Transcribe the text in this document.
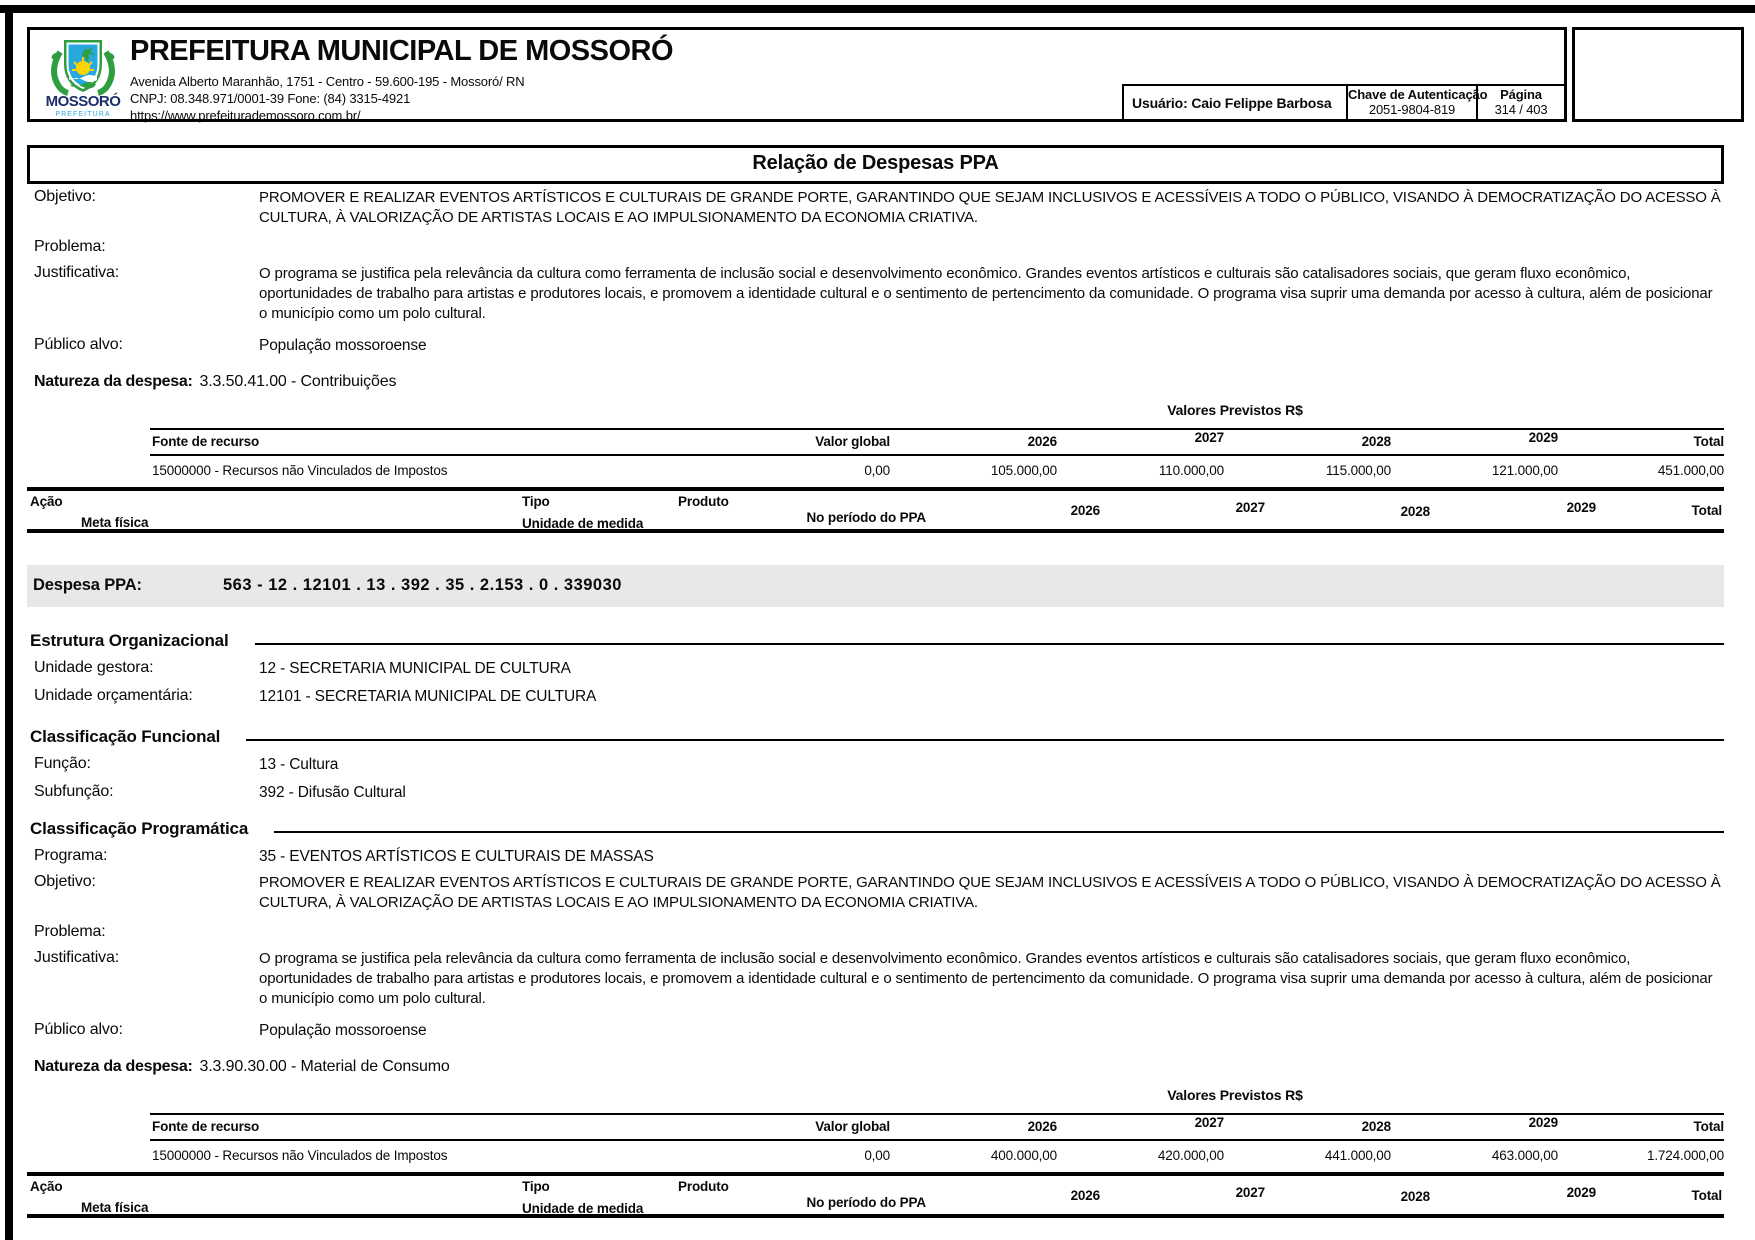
MOSSORÓ
PREFEITURA
PREFEITURA MUNICIPAL DE MOSSORÓ
Avenida Alberto Maranhão, 1751 - Centro - 59.600-195 - Mossoró/ RN
CNPJ: 08.348.971/0001-39 Fone: (84) 3315-4921
https://www.prefeiturademossoro.com.br/
Usuário: Caio Felippe Barbosa	Chave de Autenticação
2051-9804-819
Página
314 / 403
Relação de Despesas PPA
Objetivo:	PROMOVER E REALIZAR EVENTOS ARTÍSTICOS E CULTURAIS DE GRANDE PORTE, GARANTINDO QUE SEJAM INCLUSIVOS E ACESSÍVEIS A TODO O PÚBLICO, VISANDO À DEMOCRATIZAÇÃO DO ACESSO À CULTURA, À VALORIZAÇÃO DE ARTISTAS LOCAIS E AO IMPULSIONAMENTO DA ECONOMIA CRIATIVA.
Problema:
Justificativa:	O programa se justifica pela relevância da cultura como ferramenta de inclusão social e desenvolvimento econômico. Grandes eventos artísticos e culturais são catalisadores sociais, que geram fluxo econômico, oportunidades de trabalho para artistas e produtores locais, e promovem a identidade cultural e o sentimento de pertencimento da comunidade. O programa visa suprir uma demanda por acesso à cultura, além de posicionar o município como um polo cultural.
Público alvo:	População mossoroense
Natureza da despesa: 3.3.50.41.00 - Contribuições
Valores Previstos R$
Fonte de recurso	Valor global	2026	2027	2028	2029	Total
15000000 - Recursos não Vinculados de Impostos	0,00	105.000,00	110.000,00	115.000,00	121.000,00	451.000,00
Ação	Tipo	Produto
Meta física	Unidade de medida	No período do PPA	2026	2027	2028	2029	Total
Despesa PPA:	563 - 12 . 12101 . 13 . 392 . 35 . 2.153 . 0 . 339030
Estrutura Organizacional
Unidade gestora:	12 - SECRETARIA MUNICIPAL DE CULTURA
Unidade orçamentária:	12101 - SECRETARIA MUNICIPAL DE CULTURA
Classificação Funcional
Função:	13 - Cultura
Subfunção:	392 - Difusão Cultural
Classificação Programática
Programa:	35 - EVENTOS ARTÍSTICOS E CULTURAIS DE MASSAS
Objetivo:	PROMOVER E REALIZAR EVENTOS ARTÍSTICOS E CULTURAIS DE GRANDE PORTE, GARANTINDO QUE SEJAM INCLUSIVOS E ACESSÍVEIS A TODO O PÚBLICO, VISANDO À DEMOCRATIZAÇÃO DO ACESSO À CULTURA, À VALORIZAÇÃO DE ARTISTAS LOCAIS E AO IMPULSIONAMENTO DA ECONOMIA CRIATIVA.
Problema:
Justificativa:	O programa se justifica pela relevância da cultura como ferramenta de inclusão social e desenvolvimento econômico. Grandes eventos artísticos e culturais são catalisadores sociais, que geram fluxo econômico, oportunidades de trabalho para artistas e produtores locais, e promovem a identidade cultural e o sentimento de pertencimento da comunidade. O programa visa suprir uma demanda por acesso à cultura, além de posicionar o município como um polo cultural.
Público alvo:	População mossoroense
Natureza da despesa: 3.3.90.30.00 - Material de Consumo
Valores Previstos R$
Fonte de recurso	Valor global	2026	2027	2028	2029	Total
15000000 - Recursos não Vinculados de Impostos	0,00	400.000,00	420.000,00	441.000,00	463.000,00	1.724.000,00
Ação	Tipo	Produto
Meta física	Unidade de medida	No período do PPA	2026	2027	2028	2029	Total
